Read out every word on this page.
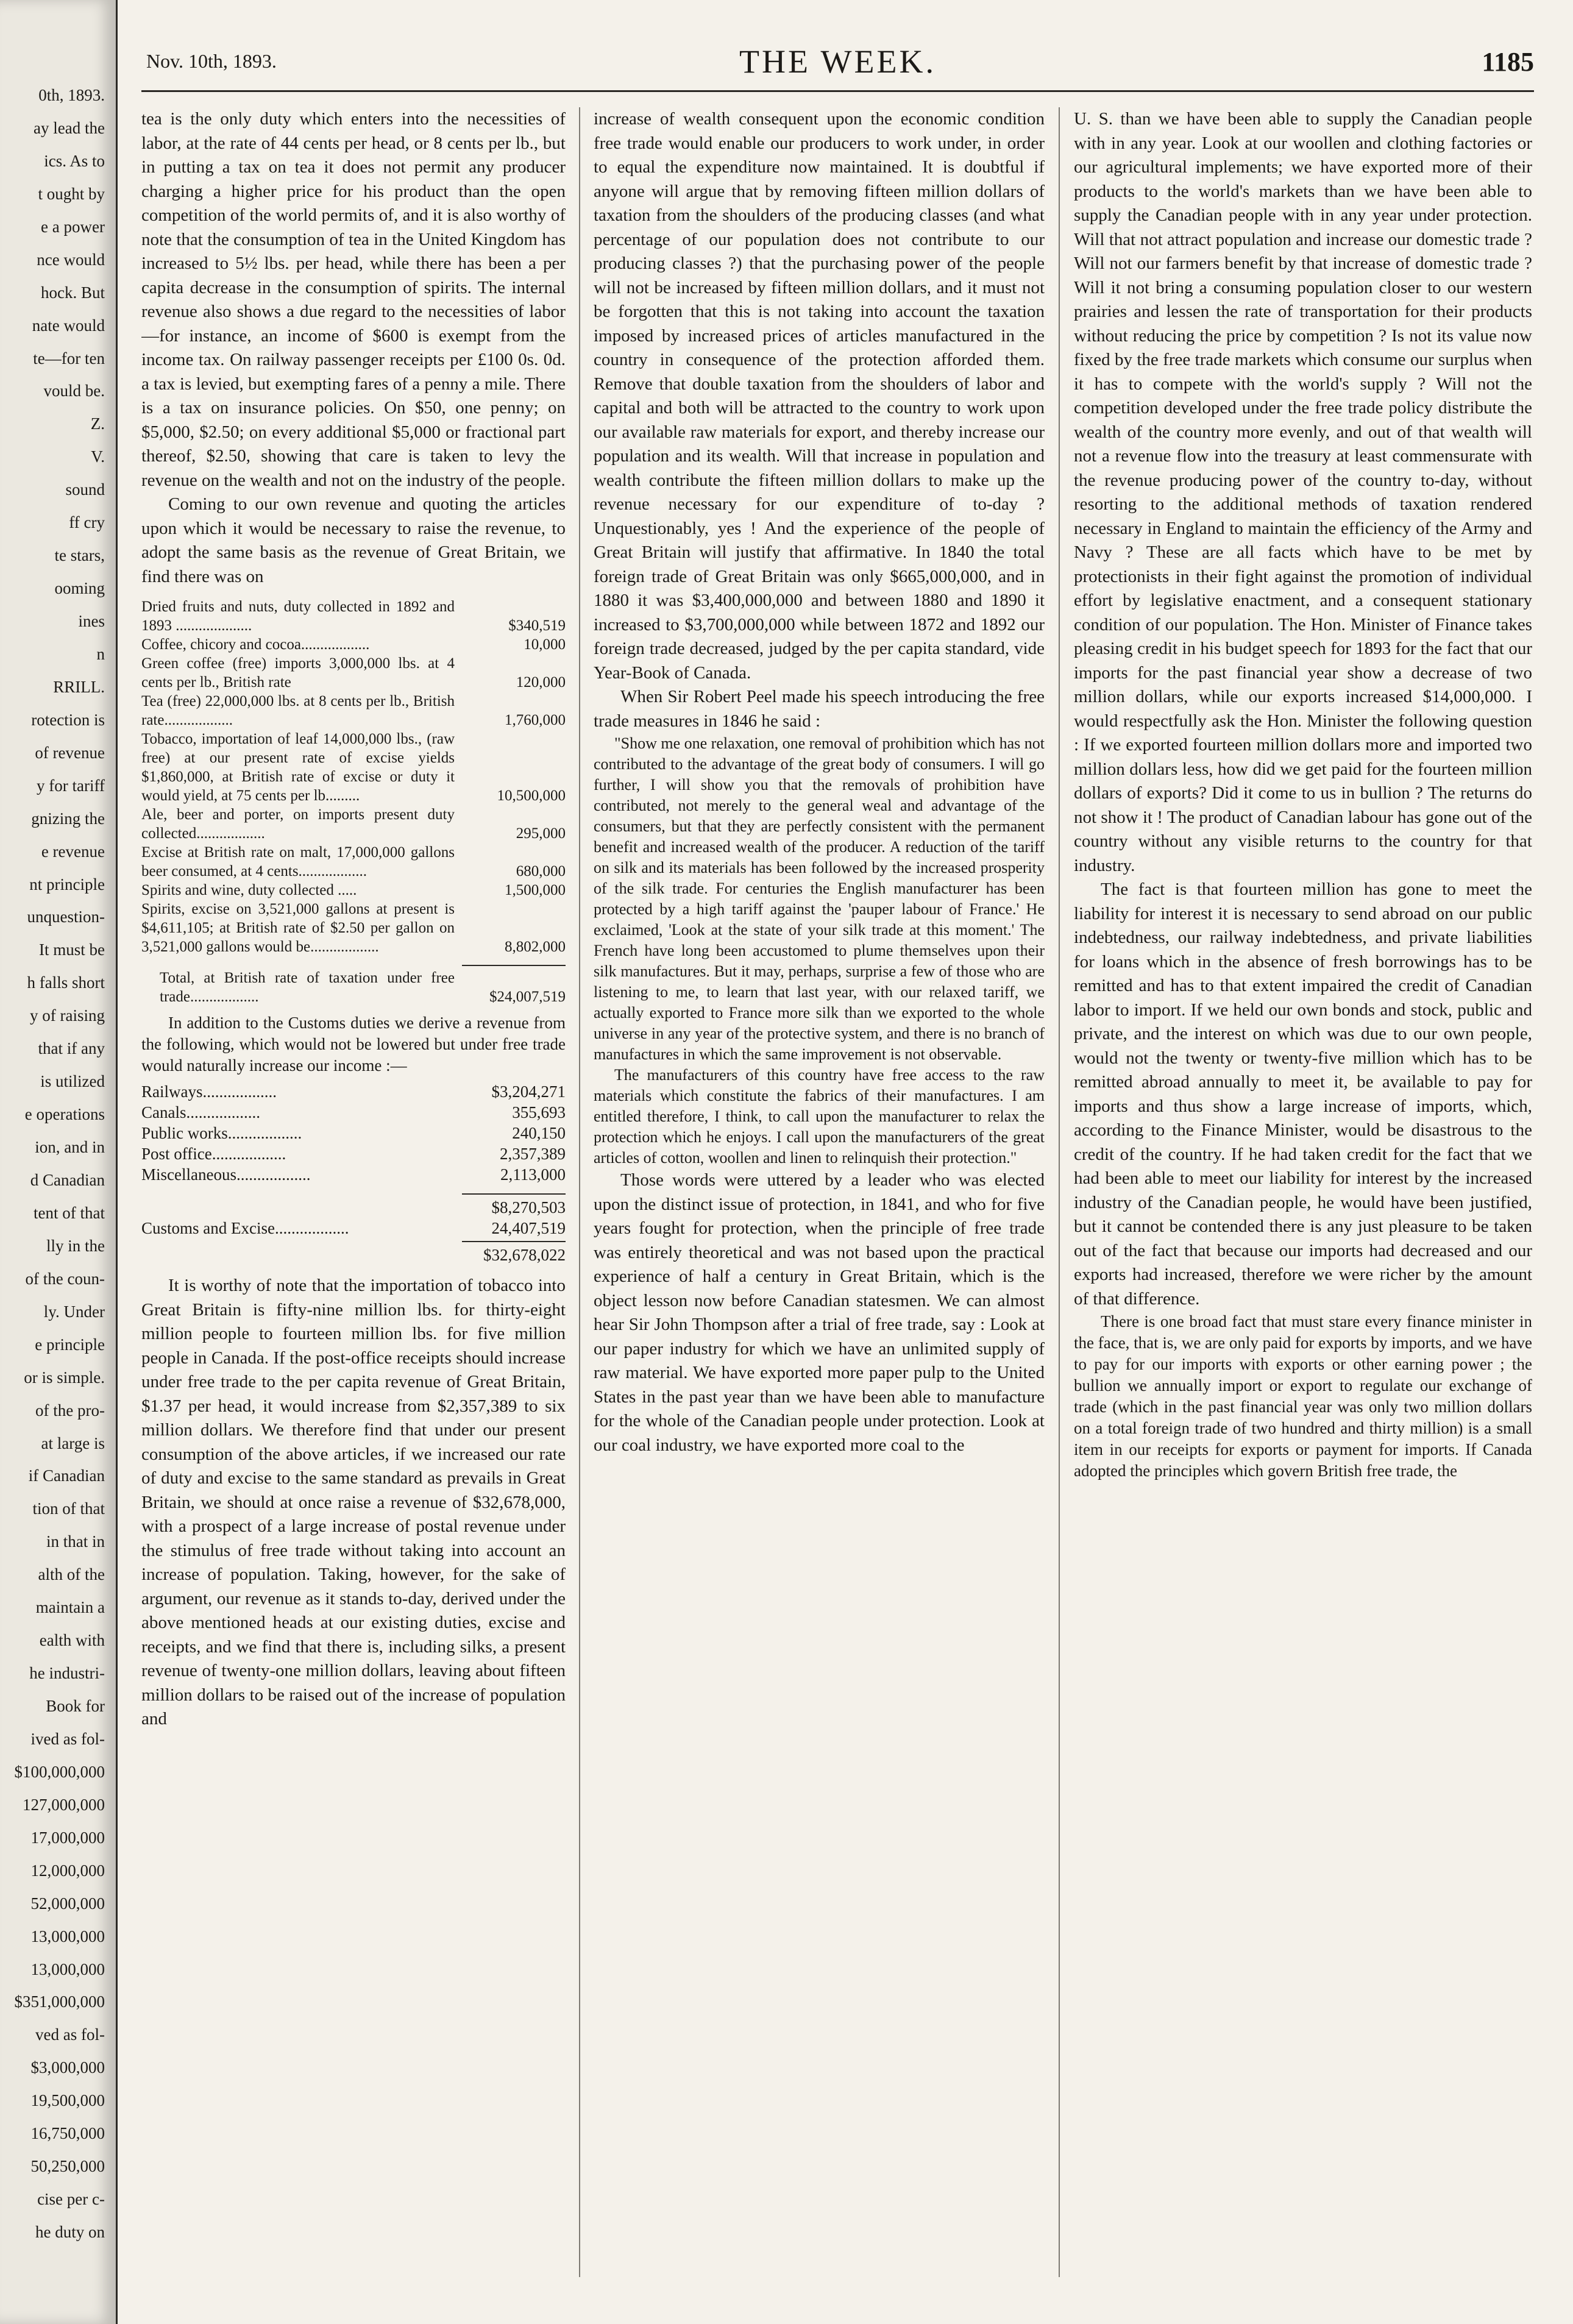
0th, 1893.
ay lead the
ics. As to
t ought by
e a power
nce would
hock. But
nate would
te—for ten
vould be.
Z.
V.
sound
ff cry
te stars,
ooming
ines
n
RRILL.
rotection is
of revenue
y for tariff
gnizing the
e revenue
nt principle
unquestion-
It must be
h falls short
y of raising
that if any
is utilized
e operations
ion, and in
d Canadian
tent of that
lly in the
of the coun-
ly. Under
e principle
or is simple.
of the pro-
at large is
if Canadian
tion of that
in that in
alth of the
maintain a
ealth with
he industri-
Book for
ived as fol-
$100,000,000
127,000,000
17,000,000
12,000,000
52,000,000
13,000,000
13,000,000
$351,000,000
ved as fol-
$3,000,000
19,500,000
16,750,000
50,250,000
cise per c-
he duty on
Nov. 10th, 1893.	THE WEEK.	1185

tea is the only duty which enters into the necessities of labor, at the rate of 44 cents per head, or 8 cents per lb., but in putting a tax on tea it does not permit any producer charging a higher price for his product than the open competition of the world permits of, and it is also worthy of note that the consumption of tea in the United Kingdom has increased to 5½ lbs. per head, while there has been a per capita decrease in the consumption of spirits. The internal revenue also shows a due regard to the necessities of labor—for instance, an income of $600 is exempt from the income tax. On railway passenger receipts per £100 0s. 0d. a tax is levied, but exempting fares of a penny a mile. There is a tax on insurance policies. On $50, one penny; on $5,000, $2.50; on every additional $5,000 or fractional part thereof, $2.50, showing that care is taken to levy the revenue on the wealth and not on the industry of the people.

Coming to our own revenue and quoting the articles upon which it would be necessary to raise the revenue, to adopt the same basis as the revenue of Great Britain, we find there was on

Dried fruits and nuts, duty collected in 1892 and 1893 ....................	$340,519
Coffee, chicory and cocoa..................	10,000
Green coffee (free) imports 3,000,000 lbs. at 4 cents per lb., British rate	120,000
Tea (free) 22,000,000 lbs. at 8 cents per lb., British rate..................	1,760,000
Tobacco, importation of leaf 14,000,000 lbs., (raw free) at our present rate of excise yields $1,860,000, at British rate of excise or duty it would yield, at 75 cents per lb.........	10,500,000
Ale, beer and porter, on imports present duty collected..................	295,000
Excise at British rate on malt, 17,000,000 gallons beer consumed, at 4 cents..................	680,000
Spirits and wine, duty collected .....	1,500,000
Spirits, excise on 3,521,000 gallons at present is $4,611,105; at British rate of $2.50 per gallon on 3,521,000 gallons would be..................	8,802,000
Total, at British rate of taxation under free trade..................	$24,007,519

In addition to the Customs duties we derive a revenue from the following, which would not be lowered but under free trade would naturally increase our income :—

Railways..................	$3,204,271
Canals..................	355,693
Public works..................	240,150
Post office..................	2,357,389
Miscellaneous..................	2,113,000
$8,270,503
Customs and Excise..................	24,407,519
$32,678,022

It is worthy of note that the importation of tobacco into Great Britain is fifty-nine million lbs. for thirty-eight million people to fourteen million lbs. for five million people in Canada. If the post-office receipts should increase under free trade to the per capita revenue of Great Britain, $1.37 per head, it would increase from $2,357,389 to six million dollars. We therefore find that under our present consumption of the above articles, if we increased our rate of duty and excise to the same standard as prevails in Great Britain, we should at once raise a revenue of $32,678,000, with a prospect of a large increase of postal revenue under the stimulus of free trade without taking into account an increase of population. Taking, however, for the sake of argument, our revenue as it stands to-day, derived under the above mentioned heads at our existing duties, excise and receipts, and we find that there is, including silks, a present revenue of twenty-one million dollars, leaving about fifteen million dollars to be raised out of the increase of population and

increase of wealth consequent upon the economic condition free trade would enable our producers to work under, in order to equal the expenditure now maintained. It is doubtful if anyone will argue that by removing fifteen million dollars of taxation from the shoulders of the producing classes (and what percentage of our population does not contribute to our producing classes ?) that the purchasing power of the people will not be increased by fifteen million dollars, and it must not be forgotten that this is not taking into account the taxation imposed by increased prices of articles manufactured in the country in consequence of the protection afforded them. Remove that double taxation from the shoulders of labor and capital and both will be attracted to the country to work upon our available raw materials for export, and thereby increase our population and its wealth. Will that increase in population and wealth contribute the fifteen million dollars to make up the revenue necessary for our expenditure of to-day ? Unquestionably, yes ! And the experience of the people of Great Britain will justify that affirmative. In 1840 the total foreign trade of Great Britain was only $665,000,000, and in 1880 it was $3,400,000,000 and between 1880 and 1890 it increased to $3,700,000,000 while between 1872 and 1892 our foreign trade decreased, judged by the per capita standard, vide Year-Book of Canada.

When Sir Robert Peel made his speech introducing the free trade measures in 1846 he said :

"Show me one relaxation, one removal of prohibition which has not contributed to the advantage of the great body of consumers. I will go further, I will show you that the removals of prohibition have contributed, not merely to the general weal and advantage of the consumers, but that they are perfectly consistent with the permanent benefit and increased wealth of the producer. A reduction of the tariff on silk and its materials has been followed by the increased prosperity of the silk trade. For centuries the English manufacturer has been protected by a high tariff against the 'pauper labour of France.' He exclaimed, 'Look at the state of your silk trade at this moment.' The French have long been accustomed to plume themselves upon their silk manufactures. But it may, perhaps, surprise a few of those who are listening to me, to learn that last year, with our relaxed tariff, we actually exported to France more silk than we exported to the whole universe in any year of the protective system, and there is no branch of manufactures in which the same improvement is not observable.

The manufacturers of this country have free access to the raw materials which constitute the fabrics of their manufactures. I am entitled therefore, I think, to call upon the manufacturer to relax the protection which he enjoys. I call upon the manufacturers of the great articles of cotton, woollen and linen to relinquish their protection."

Those words were uttered by a leader who was elected upon the distinct issue of protection, in 1841, and who for five years fought for protection, when the principle of free trade was entirely theoretical and was not based upon the practical experience of half a century in Great Britain, which is the object lesson now before Canadian statesmen. We can almost hear Sir John Thompson after a trial of free trade, say : Look at our paper industry for which we have an unlimited supply of raw material. We have exported more paper pulp to the United States in the past year than we have been able to manufacture for the whole of the Canadian people under protection. Look at our coal industry, we have exported more coal to the

U. S. than we have been able to supply the Canadian people with in any year. Look at our woollen and clothing factories or our agricultural implements; we have exported more of their products to the world's markets than we have been able to supply the Canadian people with in any year under protection. Will that not attract population and increase our domestic trade ? Will not our farmers benefit by that increase of domestic trade ? Will it not bring a consuming population closer to our western prairies and lessen the rate of transportation for their products without reducing the price by competition ? Is not its value now fixed by the free trade markets which consume our surplus when it has to compete with the world's supply ? Will not the competition developed under the free trade policy distribute the wealth of the country more evenly, and out of that wealth will not a revenue flow into the treasury at least commensurate with the revenue producing power of the country to-day, without resorting to the additional methods of taxation rendered necessary in England to maintain the efficiency of the Army and Navy ? These are all facts which have to be met by protectionists in their fight against the promotion of individual effort by legislative enactment, and a consequent stationary condition of our population. The Hon. Minister of Finance takes pleasing credit in his budget speech for 1893 for the fact that our imports for the past financial year show a decrease of two million dollars, while our exports increased $14,000,000. I would respectfully ask the Hon. Minister the following question : If we exported fourteen million dollars more and imported two million dollars less, how did we get paid for the fourteen million dollars of exports? Did it come to us in bullion ? The returns do not show it ! The product of Canadian labour has gone out of the country without any visible returns to the country for that industry.

The fact is that fourteen million has gone to meet the liability for interest it is necessary to send abroad on our public indebtedness, our railway indebtedness, and private liabilities for loans which in the absence of fresh borrowings has to be remitted and has to that extent impaired the credit of Canadian labor to import. If we held our own bonds and stock, public and private, and the interest on which was due to our own people, would not the twenty or twenty-five million which has to be remitted abroad annually to meet it, be available to pay for imports and thus show a large increase of imports, which, according to the Finance Minister, would be disastrous to the credit of the country. If he had taken credit for the fact that we had been able to meet our liability for interest by the increased industry of the Canadian people, he would have been justified, but it cannot be contended there is any just pleasure to be taken out of the fact that because our imports had decreased and our exports had increased, therefore we were richer by the amount of that difference.

There is one broad fact that must stare every finance minister in the face, that is, we are only paid for exports by imports, and we have to pay for our imports with exports or other earning power ; the bullion we annually import or export to regulate our exchange of trade (which in the past financial year was only two million dollars on a total foreign trade of two hundred and thirty million) is a small item in our receipts for exports or payment for imports. If Canada adopted the principles which govern British free trade, the
